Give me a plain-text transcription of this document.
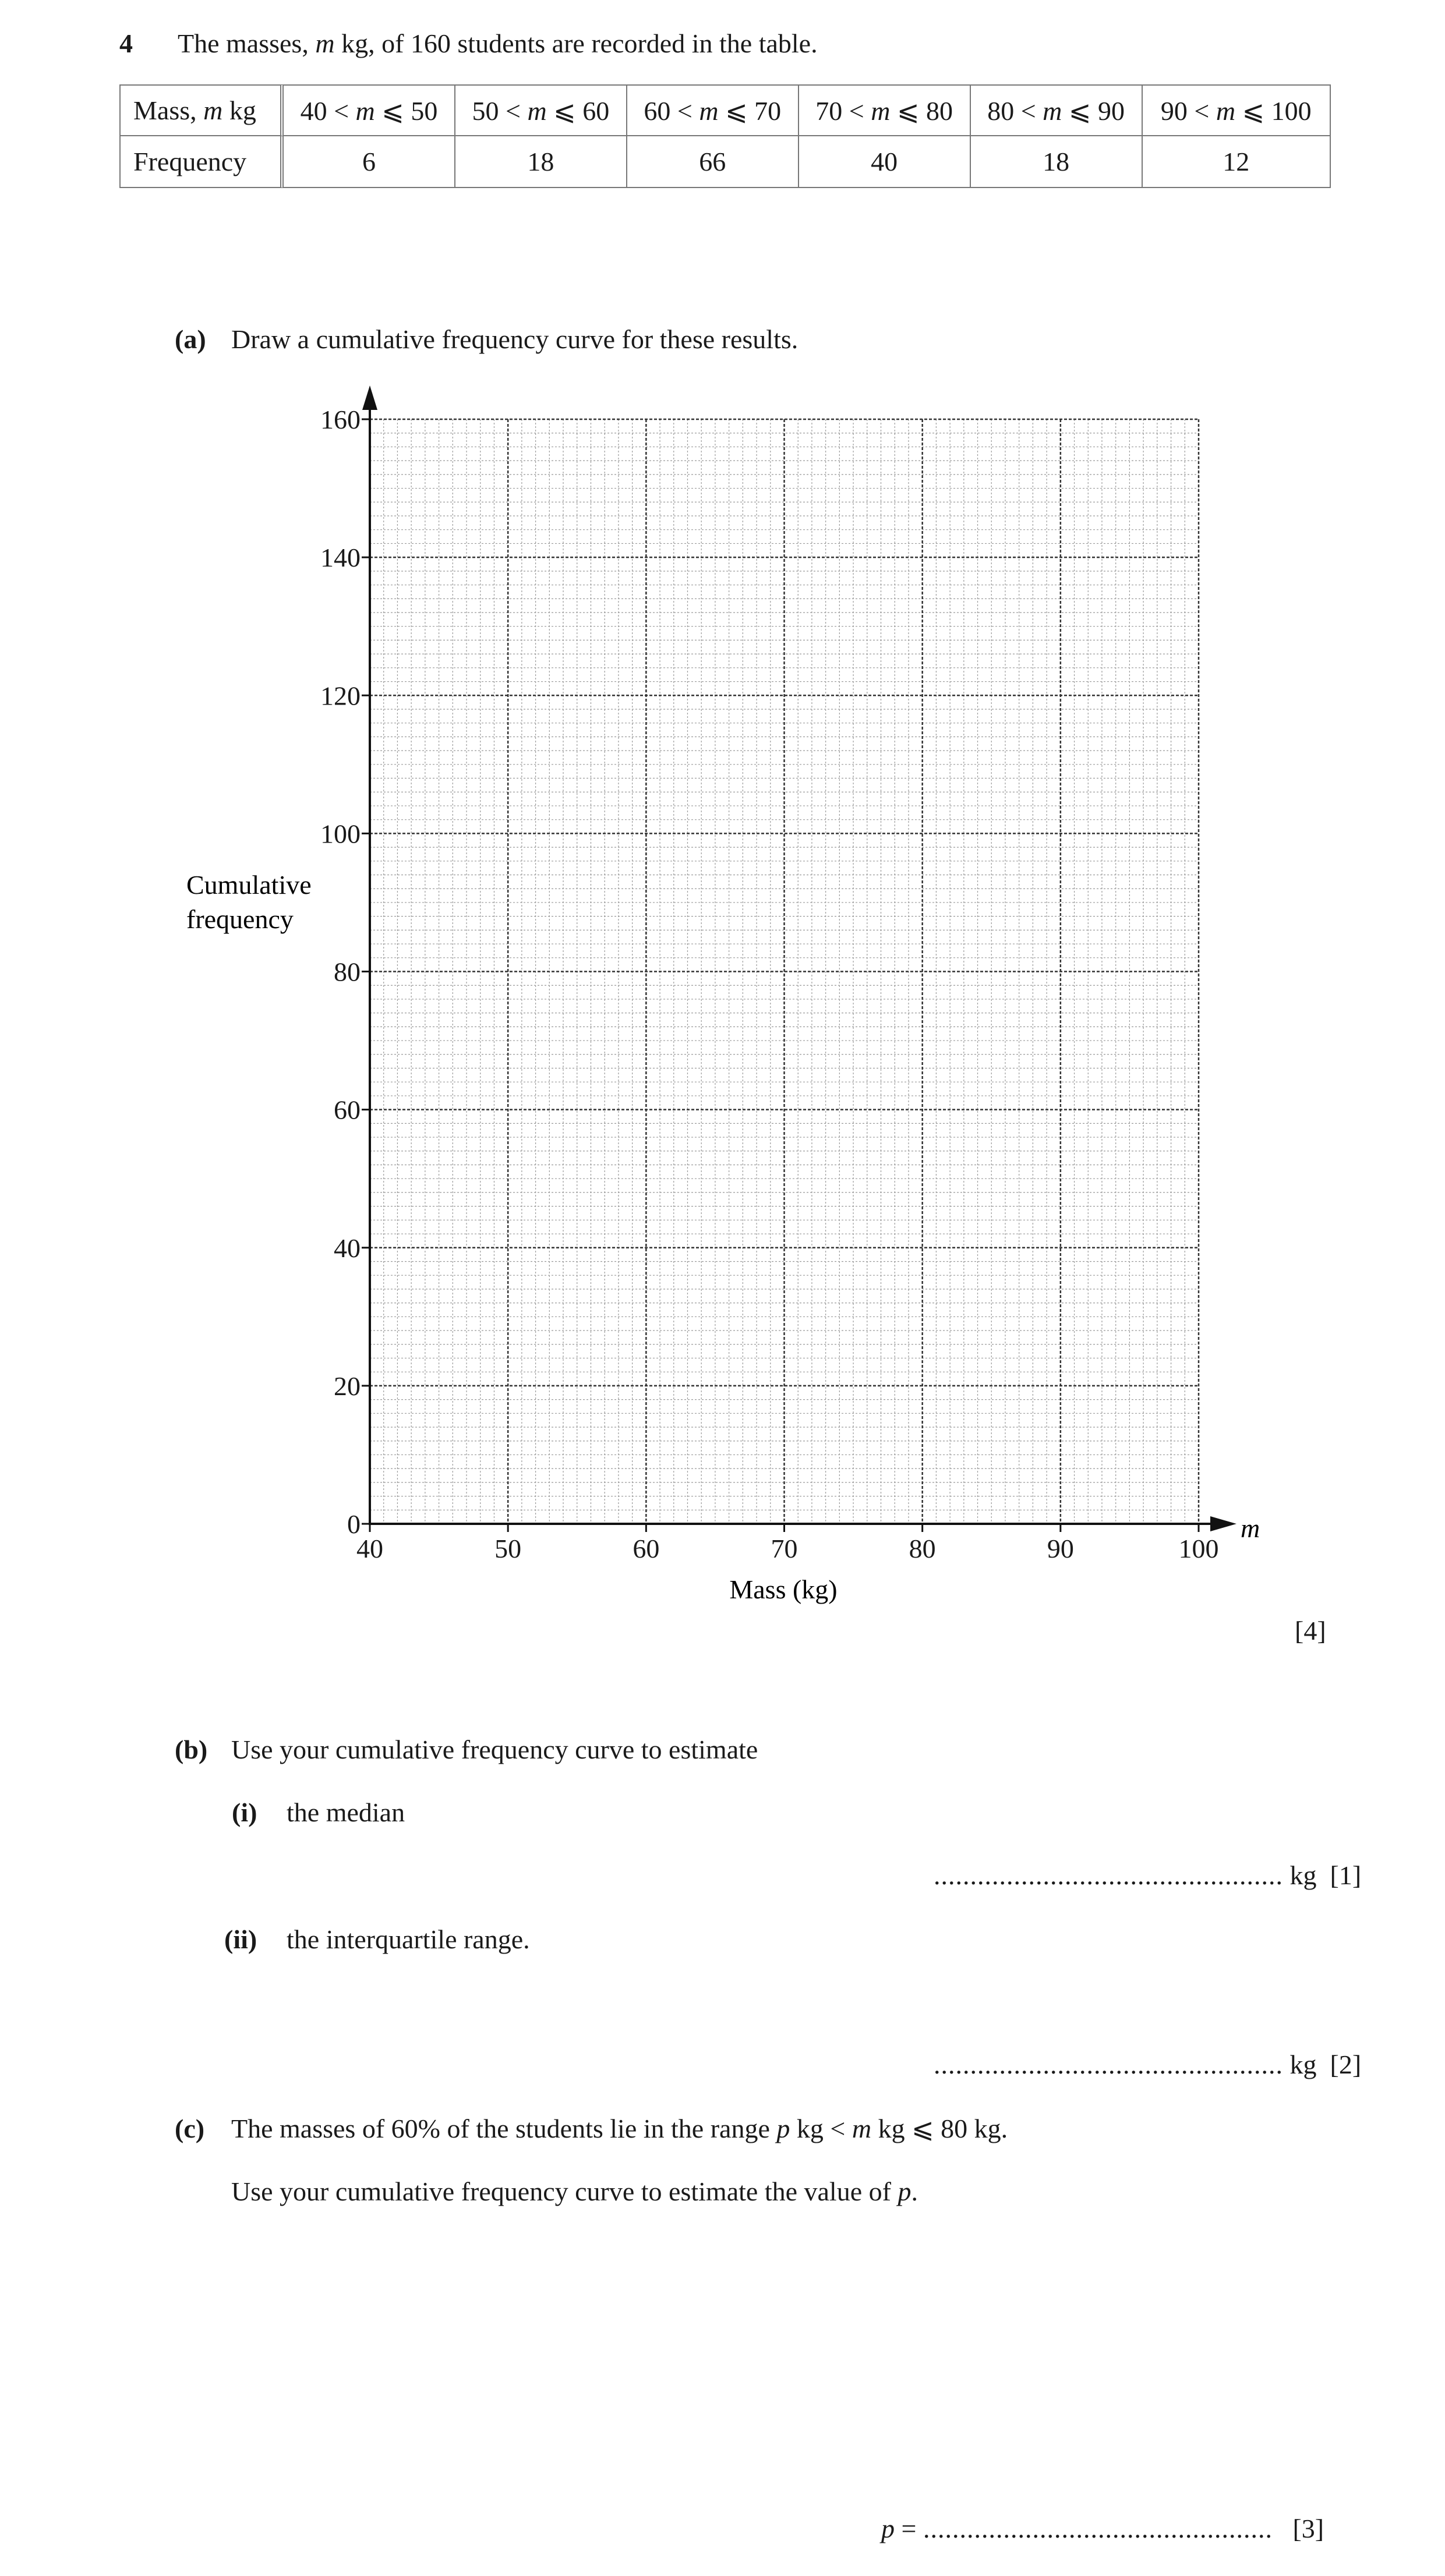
4 The masses, m kg, of 160 students are recorded in the table.
Mass, m kg	40 < m ⩽ 50	50 < m ⩽ 60	60 < m ⩽ 70	70 < m ⩽ 80	80 < m ⩽ 90	90 < m ⩽ 100
Frequency	6	18	66	40	18	12
(a) Draw a cumulative frequency curve for these results.
0
20
40
60
80
100
120
140
160
40	50	60	70	80	90	100
m
Mass (kg)
Cumulative
frequency
[4]
(b) Use your cumulative frequency curve to estimate
(i) the median
................................................ kg [1]
(ii) the interquartile range.
................................................ kg [2]
(c) The masses of 60% of the students lie in the range p kg < m kg ⩽ 80 kg.
Use your cumulative frequency curve to estimate the value of p.
p = ................................................ [3]
